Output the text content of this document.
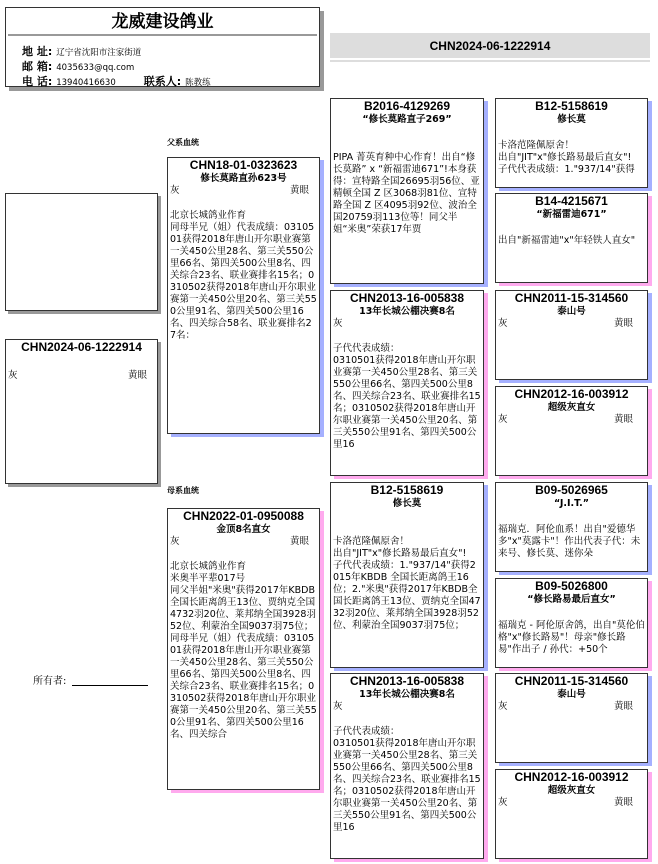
龙威建设鸽业
地 址: 辽宁省沈阳市注家街道
邮 箱: 4035633@qq.com
电 话: 13940416630	联系人: 陈教练
CHN2024-06-1222914
CHN2024-06-1222914
灰	黄眼
父系血统
母系血统
所有者:
CHN18-01-0323623
修长莫路直孙623号
灰	黄眼
北京长城鸽业作育
同母半兄（姐）代表成绩：0310501获得2018年唐山开尔职业赛第一关450公里28名、第三关550公里66名、第四关500公里8名、四关综合23名、联业赛排名15名；0310502获得2018年唐山开尔职业赛第一关450公里20名、第三关550公里91名、第四关500公里16名、四关综合58名、联业赛排名27名：
CHN2022-01-0950088
金顶8名直女
灰	黄眼
北京长城鸽业作育
米奥半平辈017号
同父半姐"米奥"获得2017年KBDB全国长距离鸽王13位、贾纳克全国4732羽20位、莱邦纳全国3928羽52位、利蒙治全国9037羽75位；同母半兄（姐）代表成绩：0310501获得2018年唐山开尔职业赛第一关450公里28名、第三关550公里66名、第四关500公里8名、四关综合23名、联业赛排名15名；0310502获得2018年唐山开尔职业赛第一关450公里20名、第三关550公里91名、第四关500公里16名、四关综合
B2016-4129269
“修长莫路直子269”
PIPA 菁英育种中心作育！出自“修长莫路” x “新福雷迪671”!本身获得：宣特路全国26695羽56位、亚精顿全国 Z 区3068羽81位、宣特路全国 Z 区4095羽92位、波治全国20759羽113位等！同父半姐“米奥”荣获17年贾
CHN2013-16-005838
13年长城公棚决赛8名
灰
子代代表成绩：
0310501获得2018年唐山开尔职业赛第一关450公里28名、第三关550公里66名、第四关500公里8名、四关综合23名、联业赛排名15名；0310502获得2018年唐山开尔职业赛第一关450公里20名、第三关550公里91名、第四关500公里16
B12-5158619
修长莫
卡洛范隆佩原舍！
出自"JIT"x"修长路易最后直女"!
子代代表成绩：1."937/14"获得2015年KBDB 全国长距离鸽王16位；2."米奥"获得2017年KBDB全国长距离鸽王13位、贾纳克全国4732羽20位、莱邦纳全国3928羽52位、利蒙治全国9037羽75位；
CHN2013-16-005838
13年长城公棚决赛8名
灰
子代代表成绩：
0310501获得2018年唐山开尔职业赛第一关450公里28名、第三关550公里66名、第四关500公里8名、四关综合23名、联业赛排名15名；0310502获得2018年唐山开尔职业赛第一关450公里20名、第三关550公里91名、第四关500公里16
B12-5158619
修长莫
卡洛范隆佩原舍！
出自"JIT"x"修长路易最后直女"!
子代代表成绩：1."937/14"获得
B14-4215671
“新福雷迪671”
出自"新福雷迪"x"年轻铁人直女"
CHN2011-15-314560
泰山号
灰	黄眼
CHN2012-16-003912
超级灰直女
灰	黄眼
B09-5026965
“J.I.T.”
福瑞克．阿伦血系！出自"爱德华多"x"莫露卡"！作出代表子代：未来号、修长莫、迷你朵
B09-5026800
“修长路易最后直女”
福瑞克 - 阿伦原舍鸽，出自"莫伦伯格"x"修长路易"！母亲"修长路易"作出子 / 孙代：+50个
CHN2011-15-314560
泰山号
灰	黄眼
CHN2012-16-003912
超级灰直女
灰	黄眼
